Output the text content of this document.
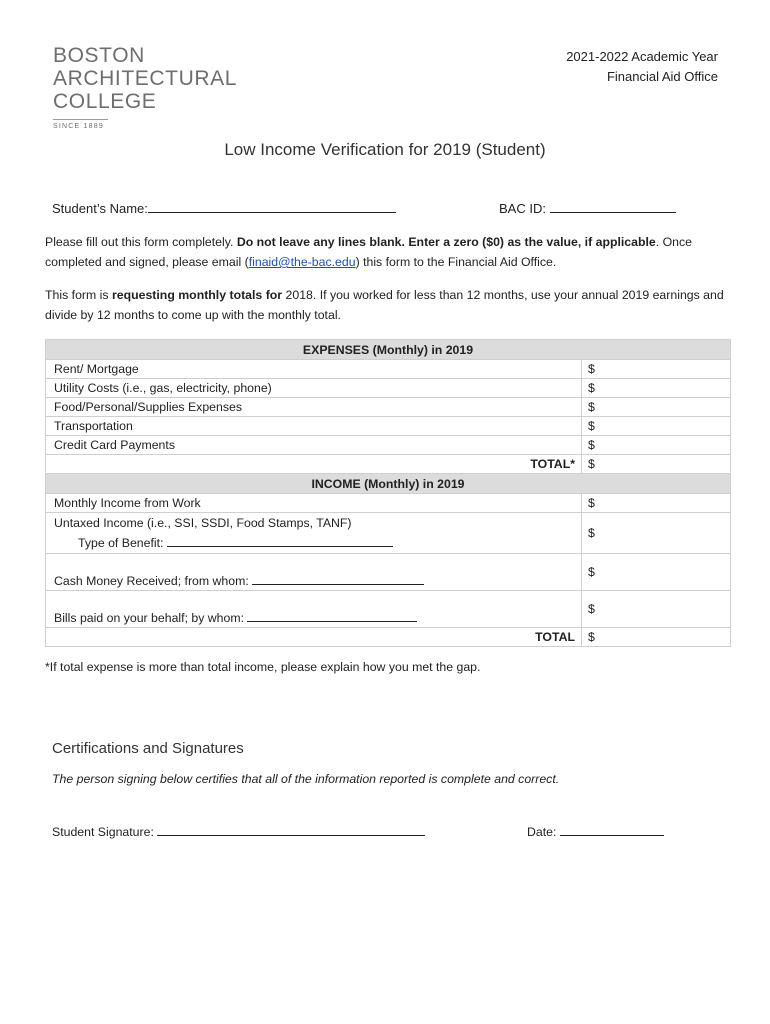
BOSTON
ARCHITECTURAL
COLLEGE
SINCE 1889
2021-2022 Academic Year
Financial Aid Office
Low Income Verification for 2019 (Student)
Student’s Name:	BAC ID:
Please fill out this form completely. Do not leave any lines blank. Enter a zero ($0) as the value, if applicable. Once completed and signed, please email (finaid@the-bac.edu) this form to the Financial Aid Office.
This form is requesting monthly totals for 2018. If you worked for less than 12 months, use your annual 2019 earnings and divide by 12 months to come up with the monthly total.
EXPENSES (Monthly) in 2019	
Rent/ Mortgage	$
Utility Costs (i.e., gas, electricity, phone)	$
Food/Personal/Supplies Expenses	$
Transportation	$
Credit Card Payments	$
TOTAL*	$
INCOME (Monthly) in 2019	
Monthly Income from Work	$

Untaxed Income (i.e., SSI, SSDI, Food Stamps, TANF)
Type of Benefit:	$
Cash Money Received; from whom:	$
Bills paid on your behalf; by whom:	$
TOTAL	$
*If total expense is more than total income, please explain how you met the gap.
Certifications and Signatures
The person signing below certifies that all of the information reported is complete and correct.
Student Signature:	Date:
